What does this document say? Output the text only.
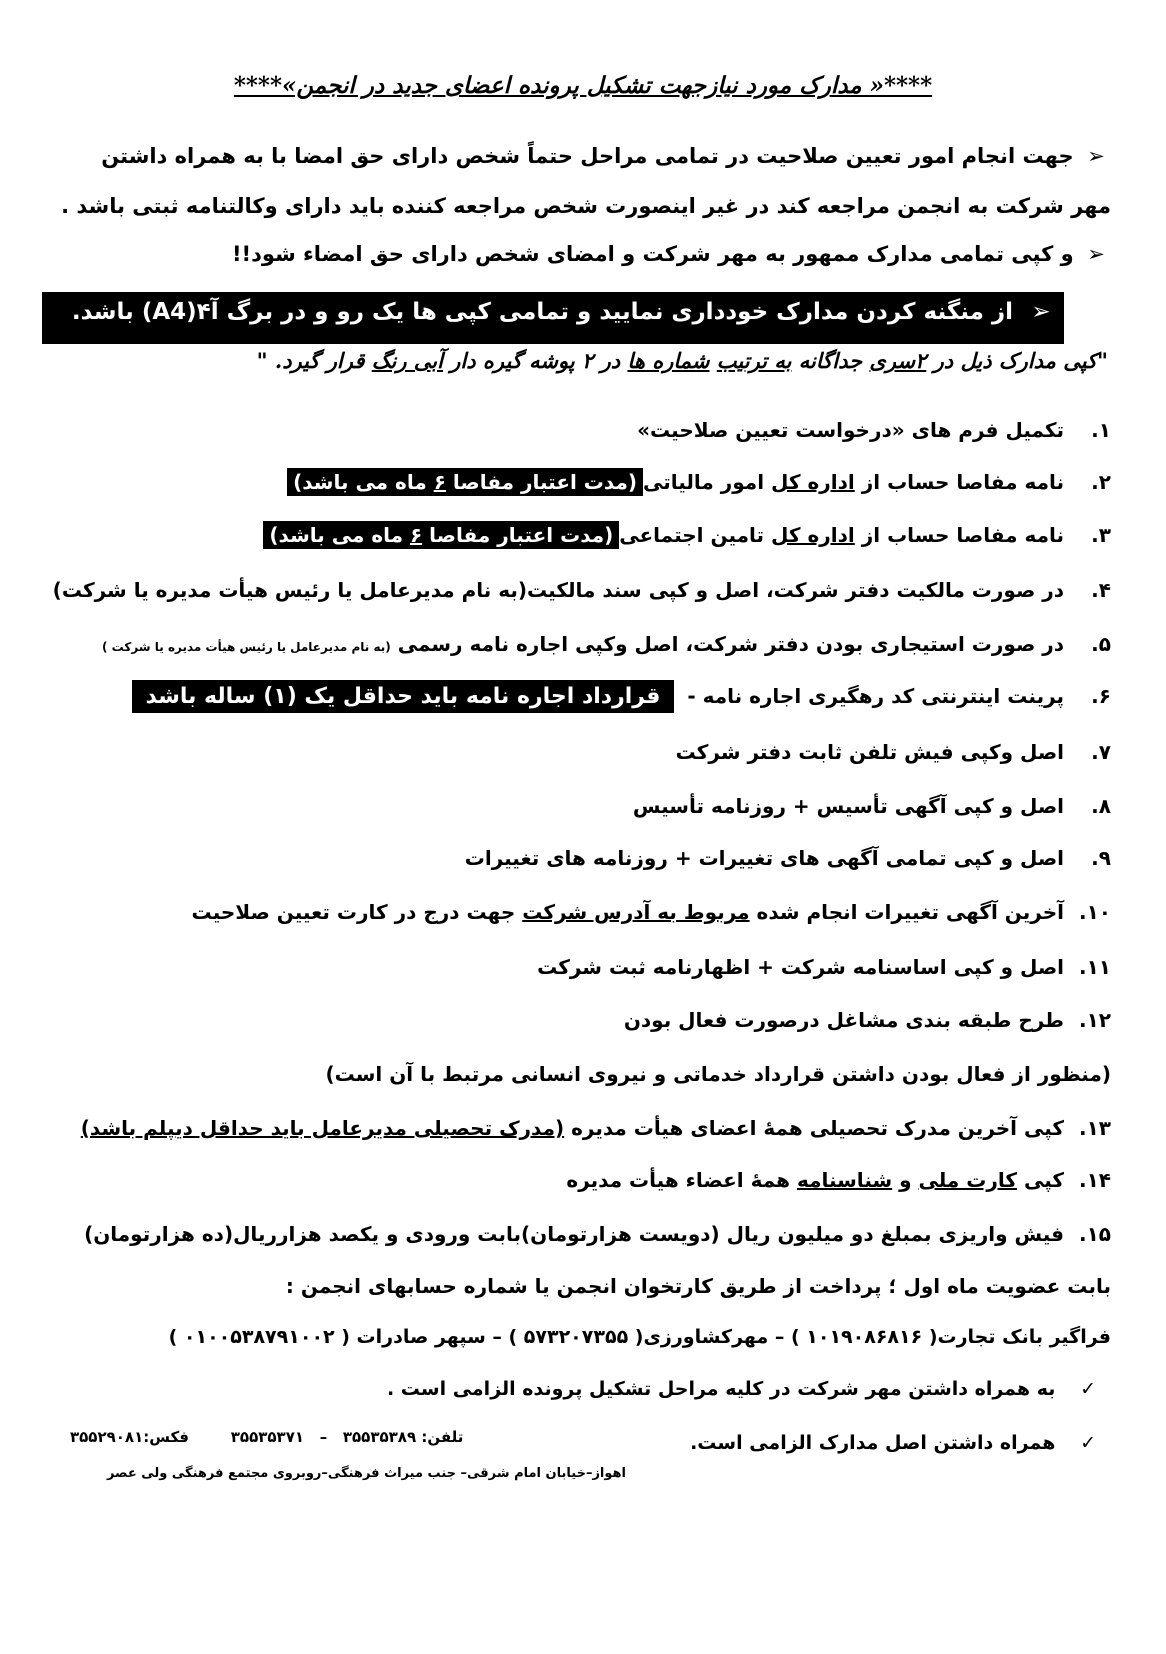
****« مدارک مورد نیازجهت تشکیل پرونده اعضای جدید در انجمن»****
➢ جهت انجام امور تعیین صلاحیت در تمامی مراحل حتماً شخص دارای حق امضا با به همراه داشتن
مهر شرکت به انجمن مراجعه کند در غیر اینصورت شخص مراجعه کننده باید دارای وکالتنامه ثبتی باشد .
➢ و کپی تمامی مدارک ممهور به مهر شرکت و امضای شخص دارای حق امضاء شود!!
➢ از منگنه کردن مدارک خودداری نمایید و تمامی کپی ها یک رو و در برگ آ۴(A4) باشد.
"کپی مدارک ذیل در ۲سری جداگانه به ترتیب شماره ها در ۲ پوشه گیره دار آبی رنگ قرار گیرد. "
۱. تکمیل فرم های «درخواست تعیین صلاحیت»
۲. نامه مفاصا حساب از اداره کل امور مالیاتی(مدت اعتبار مفاصا ۶ ماه می باشد)
۳. نامه مفاصا حساب از اداره کل تامین اجتماعی(مدت اعتبار مفاصا ۶ ماه می باشد)
۴. در صورت مالکیت دفتر شرکت، اصل و کپی سند مالکیت(به نام مدیرعامل یا رئیس هیأت مدیره یا شرکت)
۵. در صورت استیجاری بودن دفتر شرکت، اصل وکپی اجاره نامه رسمی (به نام مدیرعامل یا رئیس هیأت مدیره یا شرکت )
۶. پرینت اینترنتی کد رهگیری اجاره نامه - قرارداد اجاره نامه باید حداقل یک (۱) ساله باشد
۷. اصل وکپی فیش تلفن ثابت دفتر شرکت
۸. اصل و کپی آگهی تأسیس + روزنامه تأسیس
۹. اصل و کپی تمامی آگهی های تغییرات + روزنامه های تغییرات
۱۰. آخرین آگهی تغییرات انجام شده مربوط به آدرس شرکت جهت درج در کارت تعیین صلاحیت
۱۱. اصل و کپی اساسنامه شرکت + اظهارنامه ثبت شرکت
۱۲. طرح طبقه بندی مشاغل درصورت فعال بودن
(منظور از فعال بودن داشتن قرارداد خدماتی و نیروی انسانی مرتبط با آن است)
۱۳. کپی آخرین مدرک تحصیلی همهٔ اعضای هیأت مدیره (مدرک تحصیلی مدیرعامل باید حداقل دیپلم باشد)
۱۴. کپی کارت ملی و شناسنامه همهٔ اعضاء هیأت مدیره
۱۵. فیش واریزی بمبلغ دو میلیون ریال (دویست هزارتومان)بابت ورودی و یکصد هزارریال(ده هزارتومان)
بابت عضویت ماه اول ؛ پرداخت از طریق کارتخوان انجمن یا شماره حسابهای انجمن :
فراگیر بانک تجارت( ۱۰۱۹۰۸۶۸۱۶ ) – مهرکشاورزی( ۵۷۳۲۰۷۳۵۵ ) – سپهر صادرات ( ۰۱۰۰۵۳۸۷۹۱۰۰۲ )
✓ به همراه داشتن مهر شرکت در کلیه مراحل تشکیل پرونده الزامی است .
✓ همراه داشتن اصل مدارک الزامی است.
تلفن: ۳۵۵۳۵۳۸۹   –   ۳۵۵۳۵۳۷۱        فکس:۳۵۵۲۹۰۸۱
اهواز–خیابان امام شرقی– جنب میراث فرهنگی–روبروی مجتمع فرهنگی ولی عصر
